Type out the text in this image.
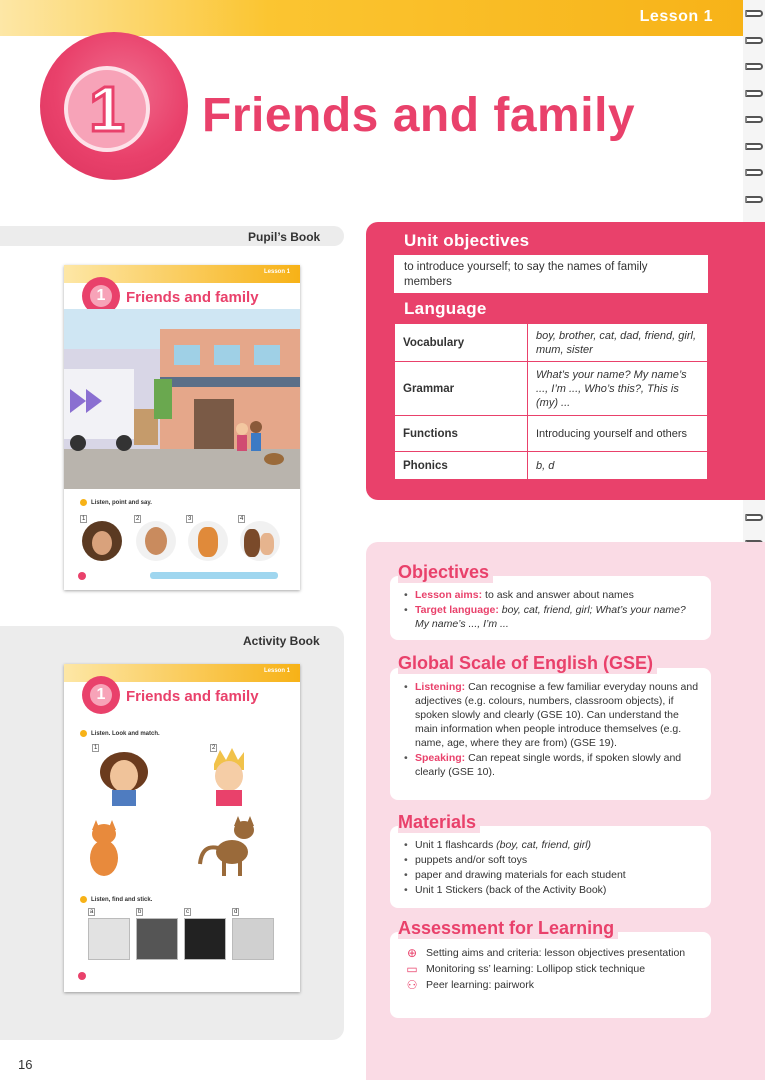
Lesson 1
1	Friends and family
Pupil’s Book
Lesson 1
1	Friends and family
Listen, point and say.
1	2	3	4
Activity Book
Lesson 1
1	Friends and family
Listen. Look and match.
1	2
Listen, find and stick.
a	b	c	d
Unit objectives
to introduce yourself; to say the names of family members
Language
Vocabulary	boy, brother, cat, dad, friend, girl, mum, sister
Grammar	What’s your name? My name’s ..., I’m ..., Who’s this?, This is (my) ...
Functions	Introducing yourself and others
Phonics	b, d
• Lesson aims: to ask and answer about names
• Target language: boy, cat, friend, girl; What’s your name? My name’s ..., I’m ...
Objectives
• Listening: Can recognise a few familiar everyday nouns and adjectives (e.g. colours, numbers, classroom objects), if spoken slowly and clearly (GSE 10). Can understand the main information when people introduce themselves (e.g. name, age, where they are from) (GSE 19).
• Speaking: Can repeat single words, if spoken slowly and clearly (GSE 10).
Global Scale of English (GSE)
• Unit 1 flashcards (boy, cat, friend, girl)
• puppets and/or soft toys
• paper and drawing materials for each student
• Unit 1 Stickers (back of the Activity Book)
Materials
⊕ Setting aims and criteria: lesson objectives presentation
▭ Monitoring ss’ learning: Lollipop stick technique
⚇ Peer learning: pairwork
Assessment for Learning
16
